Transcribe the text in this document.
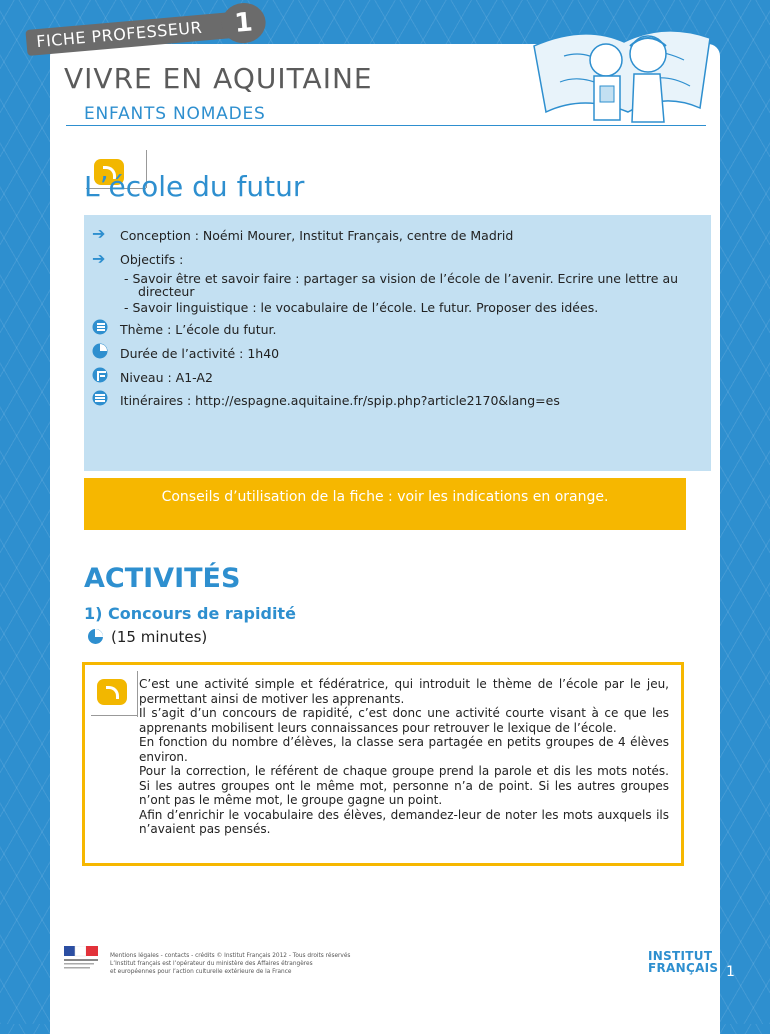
FICHE PROFESSEUR	1
VIVRE EN AQUITAINE
ENFANTS NOMADES
L’école du futur
➔	Conception : Noémi Mourer, Institut Français, centre de Madrid
➔	Objectifs :
- Savoir être et savoir faire : partager sa vision de l’école de l’avenir. Ecrire une lettre au
directeur
- Savoir linguistique : le vocabulaire de l’école. Le futur. Proposer des idées.
Thème : L’école du futur.
Durée de l’activité : 1h40
Niveau : A1-A2
Itinéraires : http://espagne.aquitaine.fr/spip.php?article2170&lang=es
Conseils d’utilisation de la fiche : voir les indications en orange.
ACTIVITÉS
1) Concours de rapidité
(15 minutes)

C’est une activité simple et fédératrice, qui introduit le thème de l’école par le jeu, permettant ainsi de motiver les apprenants.

Il s’agit d’un concours de rapidité, c’est donc une activité courte visant à ce que les apprenants mobilisent leurs connaissances pour retrouver le lexique de l’école.

En fonction du nombre d’élèves, la classe sera partagée en petits groupes de 4 élèves environ.

Pour la correction, le référent de chaque groupe prend la parole et dis les mots notés. Si les autres groupes ont le même mot, personne n’a de point. Si les autres groupes n’ont pas le même mot, le groupe gagne un point.

Afin d’enrichir le vocabulaire des élèves, demandez-leur de noter les mots auxquels ils n’avaient pas pensés.

Mentions légales - contacts - crédits © Institut Français 2012 - Tous droits réservés
L’Institut français est l’opérateur du ministère des Affaires étrangères
et européennes pour l’action culturelle extérieure de la France
INSTITUT
FRANÇAIS 1
